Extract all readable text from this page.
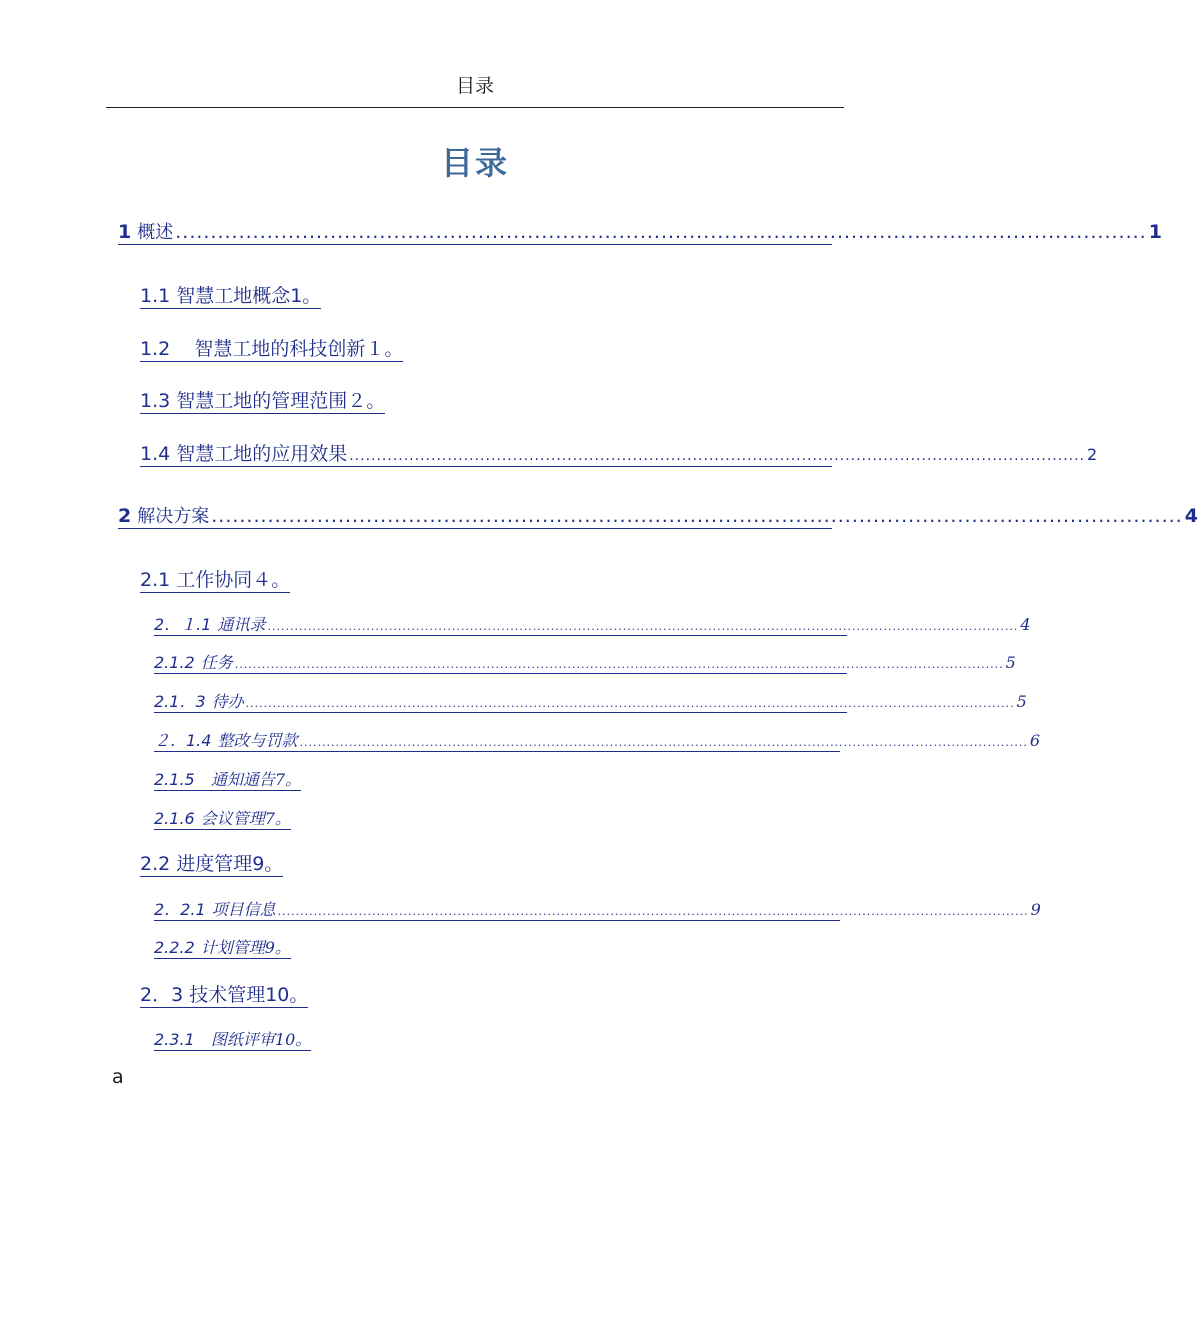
目录
目录
1 概述 .......................................................................................................................................... 1
1.1 智慧工地概念1。
1.2 智慧工地的科技创新１。
1.3 智慧工地的管理范围２。
1.4 智慧工地的应用效果 ....................................................................................................................................... 2
2 解决方案 .......................................................................................................................................... 4
2.1 工作协同４。
2．１.1 通讯录 ....................................................................................................................................................................... 4
2.1.2 任务 ........................................................................................................................................................................... 5
2.1．3 待办 ........................................................................................................................................................................... 5
２．1.4 整改与罚款 .................................................................................................................................................................. 6
2.1.5 通知通告7。
2.1.6 会议管理7。
2.2 进度管理9。
2．2.1 项目信息 ....................................................................................................................................................................... 9
2.2.2 计划管理9。
2．3 技术管理10。
2.3.1 图纸评审10。
a
